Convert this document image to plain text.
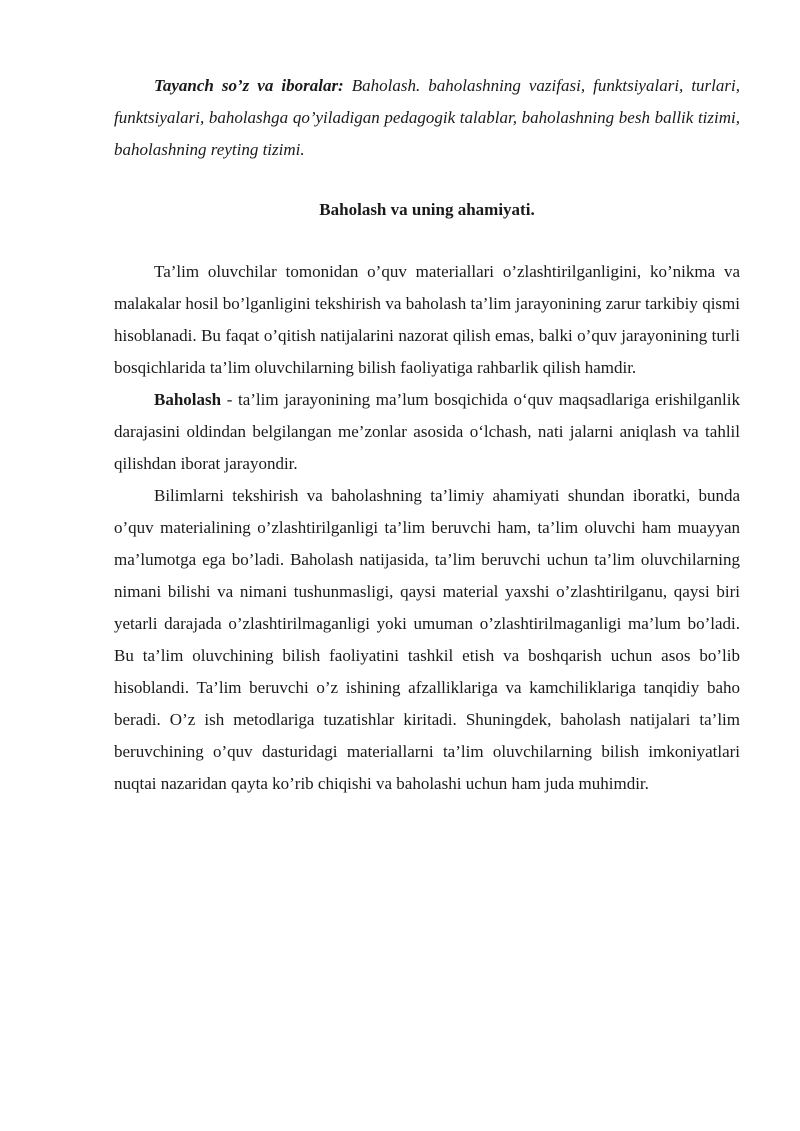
Tayanch so’z va iboralar: Baholash. baholashning vazifasi, funktsiyalari, turlari, funktsiyalari, baholashga qo’yiladigan pedagogik talablar, baholashning besh ballik tizimi, baholashning reyting tizimi.

Baholash va uning ahamiyati.

Ta’lim oluvchilar tomonidan o’quv materiallari o’zlashtirilganligini, ko’nikma va malakalar hosil bo’lganligini tekshirish va baholash ta’lim jarayonining zarur tarkibiy qismi hisoblanadi. Bu faqat o’qitish natijalarini nazorat qilish emas, balki o’quv jarayonining turli bosqichlarida ta’lim oluvchilarning bilish faoliyatiga rahbarlik qilish hamdir.

Baholash - ta’lim jarayonining ma’lum bosqichida o‘quv maqsadlariga erishilganlik darajasini oldindan belgilangan me’zonlar asosida o‘lchash, nati jalarni aniqlash va tahlil qilishdan iborat jarayondir.

Bilimlarni tekshirish va baholashning ta’limiy ahamiyati shundan iboratki, bunda o’quv materialining o’zlashtirilganligi ta’lim beruvchi ham, ta’lim oluvchi ham muayyan ma’lumotga ega bo’ladi. Baholash natijasida, ta’lim beruvchi uchun ta’lim oluvchilarning nimani bilishi va nimani tushunmasligi, qaysi material yaxshi o’zlashtirilganu, qaysi biri yetarli darajada o’zlashtirilmaganligi yoki umuman o’zlashtirilmaganligi ma’lum bo’ladi. Bu ta’lim oluvchining bilish faoliyatini tashkil etish va boshqarish uchun asos bo’lib hisoblandi. Ta’lim beruvchi o’z ishining afzalliklariga va kamchiliklariga tanqidiy baho beradi. O’z ish metodlariga tuzatishlar kiritadi. Shuningdek, baholash natijalari ta’lim beruvchining o’quv dasturidagi materiallarni ta’lim oluvchilarning bilish imkoniyatlari nuqtai nazaridan qayta ko’rib chiqishi va baholashi uchun ham juda muhimdir.
